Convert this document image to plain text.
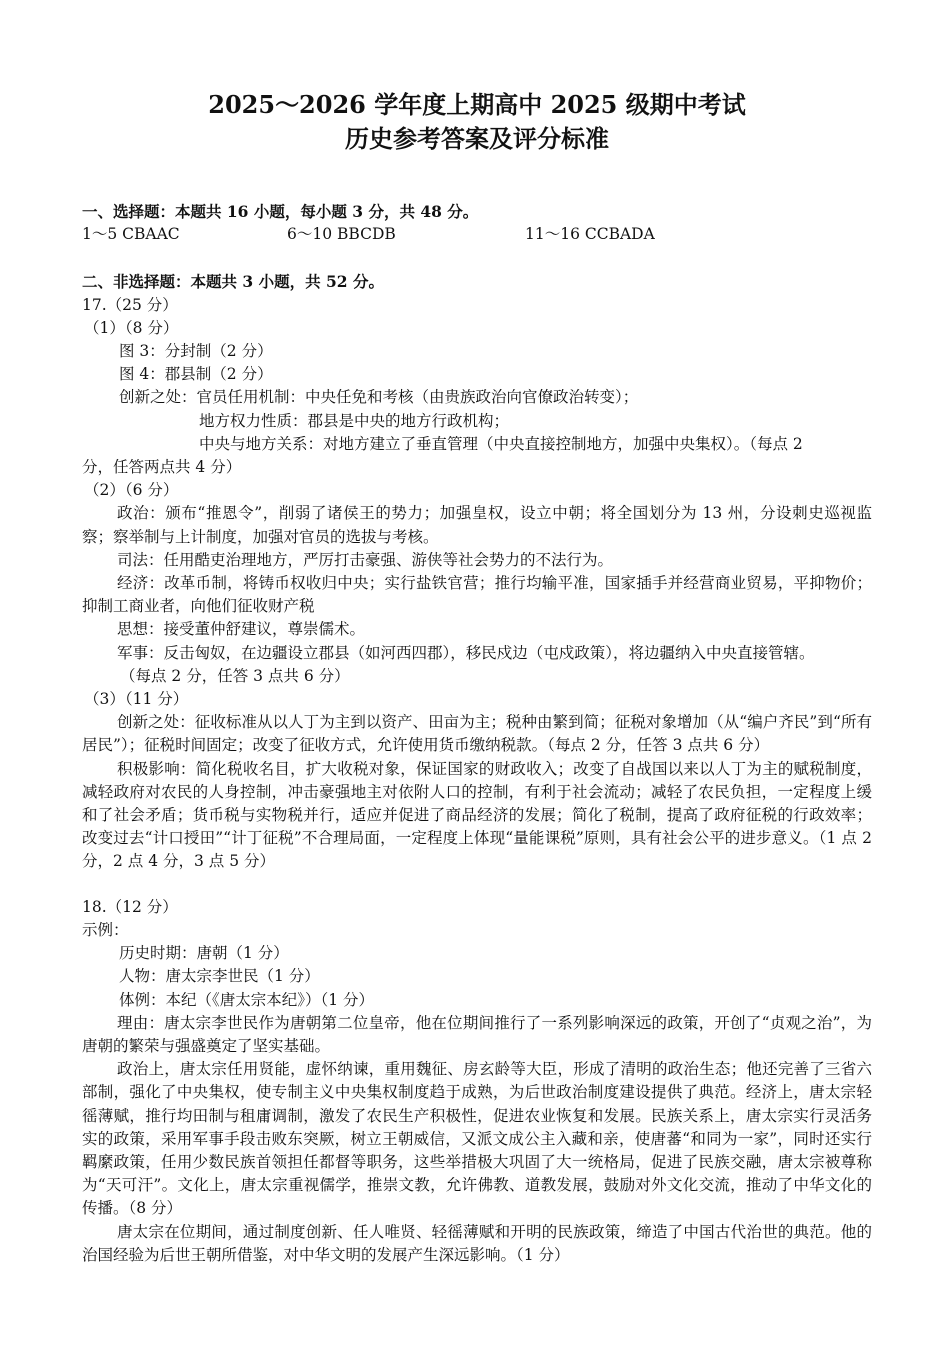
2025～2026 学年度上期高中 2025 级期中考试
历史参考答案及评分标准

一、选择题：本题共 16 小题，每小题 3 分，共 48 分。

1～5 CBAAC	6～10 BBCDB	11～16 CCBADA

二、非选择题：本题共 3 小题，共 52 分。

17.（25 分）

（1）（8 分）

图 3：分封制（2 分）

图 4：郡县制（2 分）

创新之处：官员任用机制：中央任免和考核（由贵族政治向官僚政治转变）；

地方权力性质：郡县是中央的地方行政机构；

中央与地方关系：对地方建立了垂直管理（中央直接控制地方，加强中央集权）。（每点 2

分，任答两点共 4 分）

（2）（6 分）

政治：颁布“推恩令”，削弱了诸侯王的势力；加强皇权，设立中朝；将全国划分为 13 州，分设刺史巡视监察；察举制与上计制度，加强对官员的选拔与考核。

司法：任用酷吏治理地方，严厉打击豪强、游侠等社会势力的不法行为。

经济：改革币制，将铸币权收归中央；实行盐铁官营；推行均输平准，国家插手并经营商业贸易，平抑物价；抑制工商业者，向他们征收财产税

思想：接受董仲舒建议，尊崇儒术。

军事：反击匈奴，在边疆设立郡县（如河西四郡），移民戍边（屯戍政策），将边疆纳入中央直接管辖。

（每点 2 分，任答 3 点共 6 分）

（3）（11 分）

创新之处：征收标准从以人丁为主到以资产、田亩为主；税种由繁到简；征税对象增加（从“编户齐民”到“所有居民”）；征税时间固定；改变了征收方式，允许使用货币缴纳税款。（每点 2 分，任答 3 点共 6 分）

积极影响：简化税收名目，扩大收税对象，保证国家的财政收入；改变了自战国以来以人丁为主的赋税制度，减轻政府对农民的人身控制，冲击豪强地主对依附人口的控制，有利于社会流动；减轻了农民负担，一定程度上缓和了社会矛盾；货币税与实物税并行，适应并促进了商品经济的发展；简化了税制，提高了政府征税的行政效率；改变过去“计口授田”“计丁征税”不合理局面，一定程度上体现“量能课税”原则，具有社会公平的进步意义。（1 点 2 分，2 点 4 分，3 点 5 分）

18.（12 分）

示例：

历史时期：唐朝（1 分）

人物：唐太宗李世民（1 分）

体例：本纪（《唐太宗本纪》）（1 分）

理由：唐太宗李世民作为唐朝第二位皇帝，他在位期间推行了一系列影响深远的政策，开创了“贞观之治”，为唐朝的繁荣与强盛奠定了坚实基础。

政治上，唐太宗任用贤能，虚怀纳谏，重用魏征、房玄龄等大臣，形成了清明的政治生态；他还完善了三省六部制，强化了中央集权，使专制主义中央集权制度趋于成熟，为后世政治制度建设提供了典范。经济上，唐太宗轻徭薄赋，推行均田制与租庸调制，激发了农民生产积极性，促进农业恢复和发展。民族关系上，唐太宗实行灵活务实的政策，采用军事手段击败东突厥，树立王朝威信，又派文成公主入藏和亲，使唐蕃“和同为一家”，同时还实行羁縻政策，任用少数民族首领担任都督等职务，这些举措极大巩固了大一统格局，促进了民族交融，唐太宗被尊称为“天可汗”。文化上，唐太宗重视儒学，推崇文教，允许佛教、道教发展，鼓励对外文化交流，推动了中华文化的传播。（8 分）

唐太宗在位期间，通过制度创新、任人唯贤、轻徭薄赋和开明的民族政策，缔造了中国古代治世的典范。他的治国经验为后世王朝所借鉴，对中华文明的发展产生深远影响。（1 分）
